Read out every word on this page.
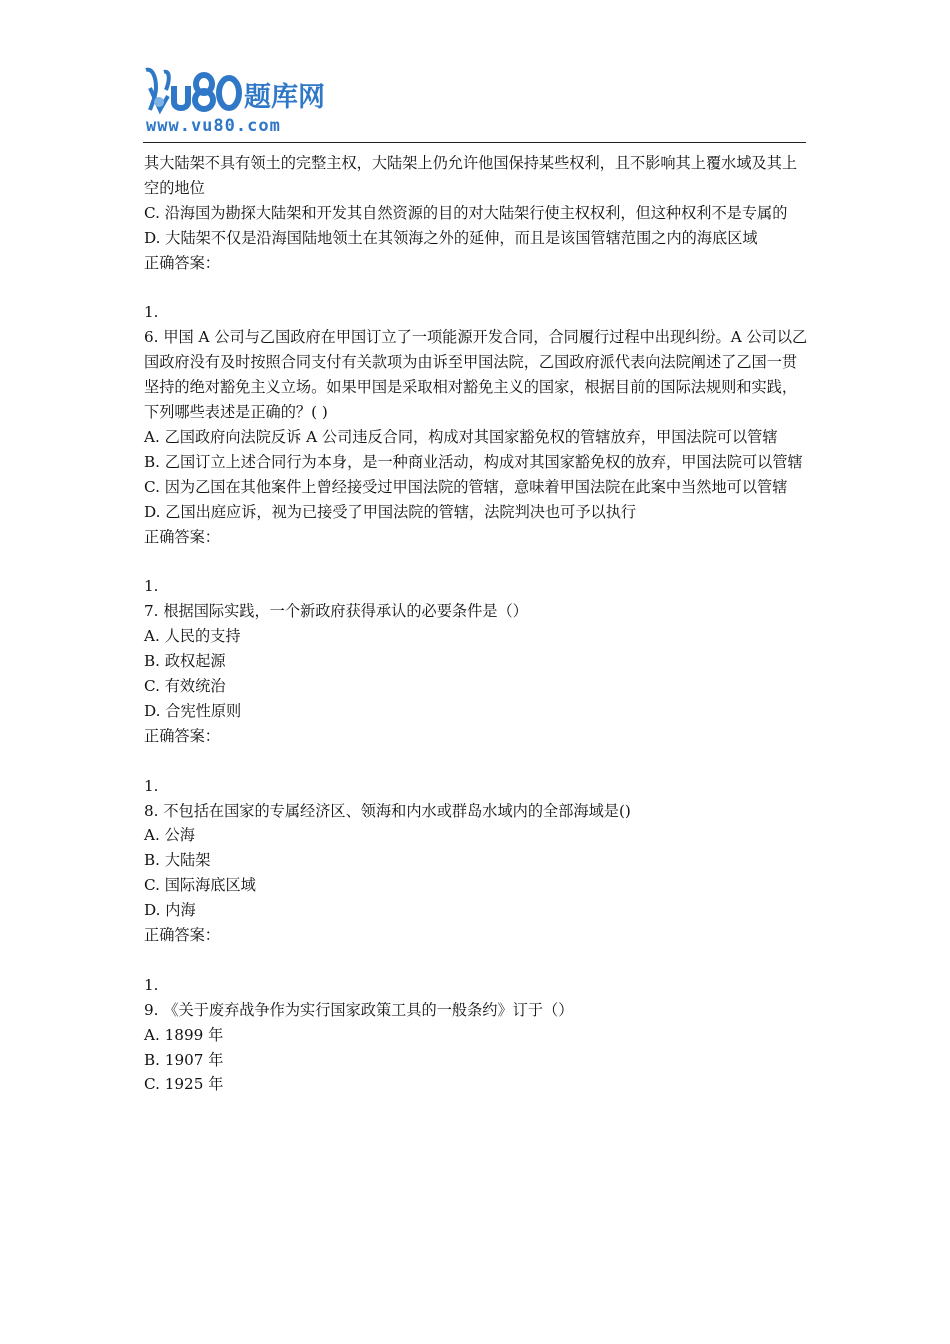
题库网
www.vu80.com

其大陆架不具有领土的完整主权，大陆架上仍允许他国保持某些权利，且不影响其上覆水域及其上空的地位

C. 沿海国为勘探大陆架和开发其自然资源的目的对大陆架行使主权权利，但这种权利不是专属的

D. 大陆架不仅是沿海国陆地领土在其领海之外的延伸，而且是该国管辖范围之内的海底区域

正确答案：

1.

6. 甲国 A 公司与乙国政府在甲国订立了一项能源开发合同，合同履行过程中出现纠纷。A 公司以乙国政府没有及时按照合同支付有关款项为由诉至甲国法院，乙国政府派代表向法院阐述了乙国一贯坚持的绝对豁免主义立场。如果甲国是采取相对豁免主义的国家，根据目前的国际法规则和实践，下列哪些表述是正确的？( )

A. 乙国政府向法院反诉 A 公司违反合同，构成对其国家豁免权的管辖放弃，甲国法院可以管辖

B. 乙国订立上述合同行为本身，是一种商业活动，构成对其国家豁免权的放弃，甲国法院可以管辖

C. 因为乙国在其他案件上曾经接受过甲国法院的管辖，意味着甲国法院在此案中当然地可以管辖

D. 乙国出庭应诉，视为已接受了甲国法院的管辖，法院判决也可予以执行

正确答案：

1.

7. 根据国际实践，一个新政府获得承认的必要条件是（）

A. 人民的支持

B. 政权起源

C. 有效统治

D. 合宪性原则

正确答案：

1.

8. 不包括在国家的专属经济区、领海和内水或群岛水域内的全部海域是()

A. 公海

B. 大陆架

C. 国际海底区域

D. 内海

正确答案：

1.

9. 《关于废弃战争作为实行国家政策工具的一般条约》订于（）

A. 1899 年

B. 1907 年

C. 1925 年
